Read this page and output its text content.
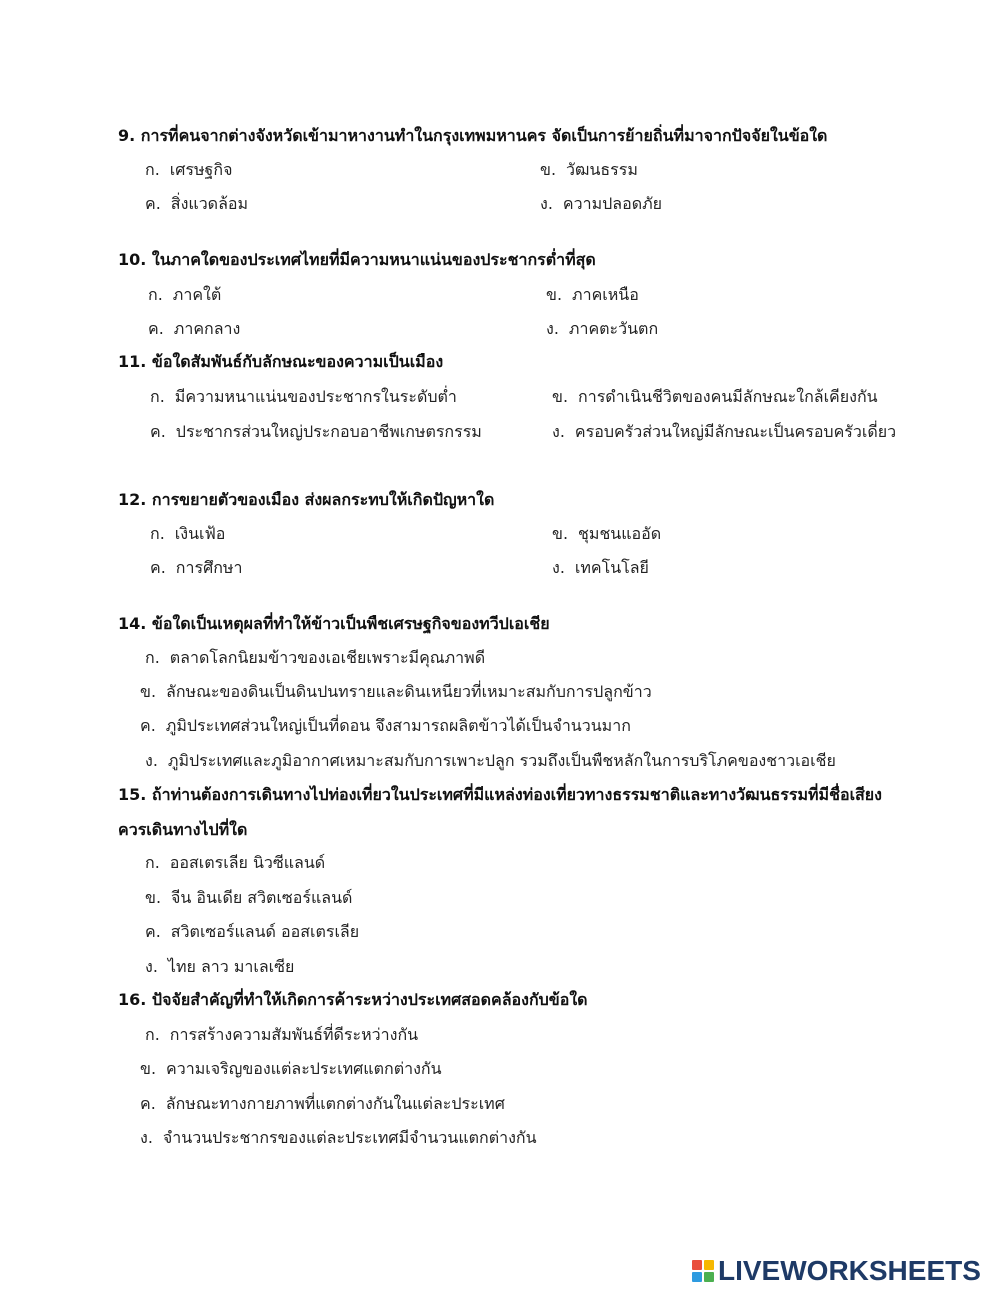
9. การที่คนจากต่างจังหวัดเข้ามาหางานทำในกรุงเทพมหานคร จัดเป็นการย้ายถิ่นที่มาจากปัจจัยในข้อใด
ก. เศรษฐกิจ	ข. วัฒนธรรม
ค. สิ่งแวดล้อม	ง. ความปลอดภัย
10. ในภาคใดของประเทศไทยที่มีความหนาแน่นของประชากรต่ำที่สุด
ก. ภาคใต้	ข. ภาคเหนือ
ค. ภาคกลาง	ง. ภาคตะวันตก
11. ข้อใดสัมพันธ์กับลักษณะของความเป็นเมือง
ก. มีความหนาแน่นของประชากรในระดับต่ำ	ข. การดำเนินชีวิตของคนมีลักษณะใกล้เคียงกัน
ค. ประชากรส่วนใหญ่ประกอบอาชีพเกษตรกรรม	ง. ครอบครัวส่วนใหญ่มีลักษณะเป็นครอบครัวเดี่ยว
12. การขยายตัวของเมือง ส่งผลกระทบให้เกิดปัญหาใด
ก. เงินเฟ้อ	ข. ชุมชนแออัด
ค. การศึกษา	ง. เทคโนโลยี
14. ข้อใดเป็นเหตุผลที่ทำให้ข้าวเป็นพืชเศรษฐกิจของทวีปเอเชีย
ก. ตลาดโลกนิยมข้าวของเอเชียเพราะมีคุณภาพดี
ข. ลักษณะของดินเป็นดินปนทรายและดินเหนียวที่เหมาะสมกับการปลูกข้าว
ค. ภูมิประเทศส่วนใหญ่เป็นที่ดอน จึงสามารถผลิตข้าวได้เป็นจำนวนมาก
ง. ภูมิประเทศและภูมิอากาศเหมาะสมกับการเพาะปลูก รวมถึงเป็นพืชหลักในการบริโภคของชาวเอเชีย
15. ถ้าท่านต้องการเดินทางไปท่องเที่ยวในประเทศที่มีแหล่งท่องเที่ยวทางธรรมชาติและทางวัฒนธรรมที่มีชื่อเสียง
ควรเดินทางไปที่ใด
ก. ออสเตรเลีย นิวซีแลนด์
ข. จีน อินเดีย สวิตเซอร์แลนด์
ค. สวิตเซอร์แลนด์ ออสเตรเลีย
ง. ไทย ลาว มาเลเซีย
16. ปัจจัยสำคัญที่ทำให้เกิดการค้าระหว่างประเทศสอดคล้องกับข้อใด
ก. การสร้างความสัมพันธ์ที่ดีระหว่างกัน
ข. ความเจริญของแต่ละประเทศแตกต่างกัน
ค. ลักษณะทางกายภาพที่แตกต่างกันในแต่ละประเทศ
ง. จำนวนประชากรของแต่ละประเทศมีจำนวนแตกต่างกัน
LIVEWORKSHEETS
